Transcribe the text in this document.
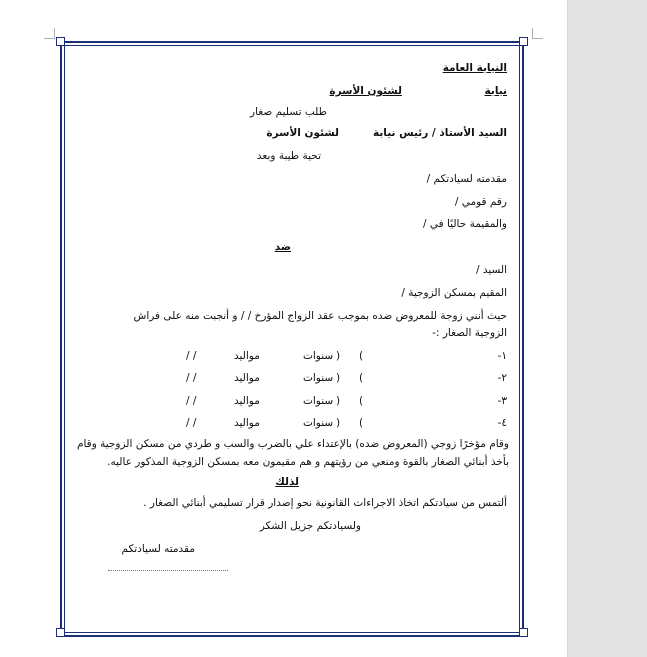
النيابة العامة
نيابة
لشئون الأسرة
طلب تسليم صغار
السيد الأستاذ / رئيس نيابة
لشئون الأسرة
تحية طيبة وبعد
مقدمته لسيادتكم /
رقم قومي /
والمقيمة حاليًا في /
ضد
السيد /
المقيم بمسكن الزوجية /
حيث أنني زوجة للمعروض ضده بموجب عقد الزواج المؤرخ / / و أنجبت منه على فراش
الزوجية الصغار :-
-١
(
)
سنوات
مواليد
/ /
-٢
(
)
سنوات
مواليد
/ /
-٣
(
)
سنوات
مواليد
/ /
-٤
(
)
سنوات
مواليد
/ /
وقام مؤخرًا زوجي (المعروض ضده) بالإعتداء علي بالضرب والسب و طردي من مسكن الزوجية وقام
بأخذ أبنائي الصغار بالقوة ومنعي من رؤيتهم و هم مقيمون معه بمسكن الزوجية المذكور عاليه.
لذلك
ألتمس من سيادتكم اتخاذ الاجراءات القانونية نحو إصدار قرار تسليمي أبنائي الصغار .
ولسيادتكم جزيل الشكر
مقدمته لسيادتكم
